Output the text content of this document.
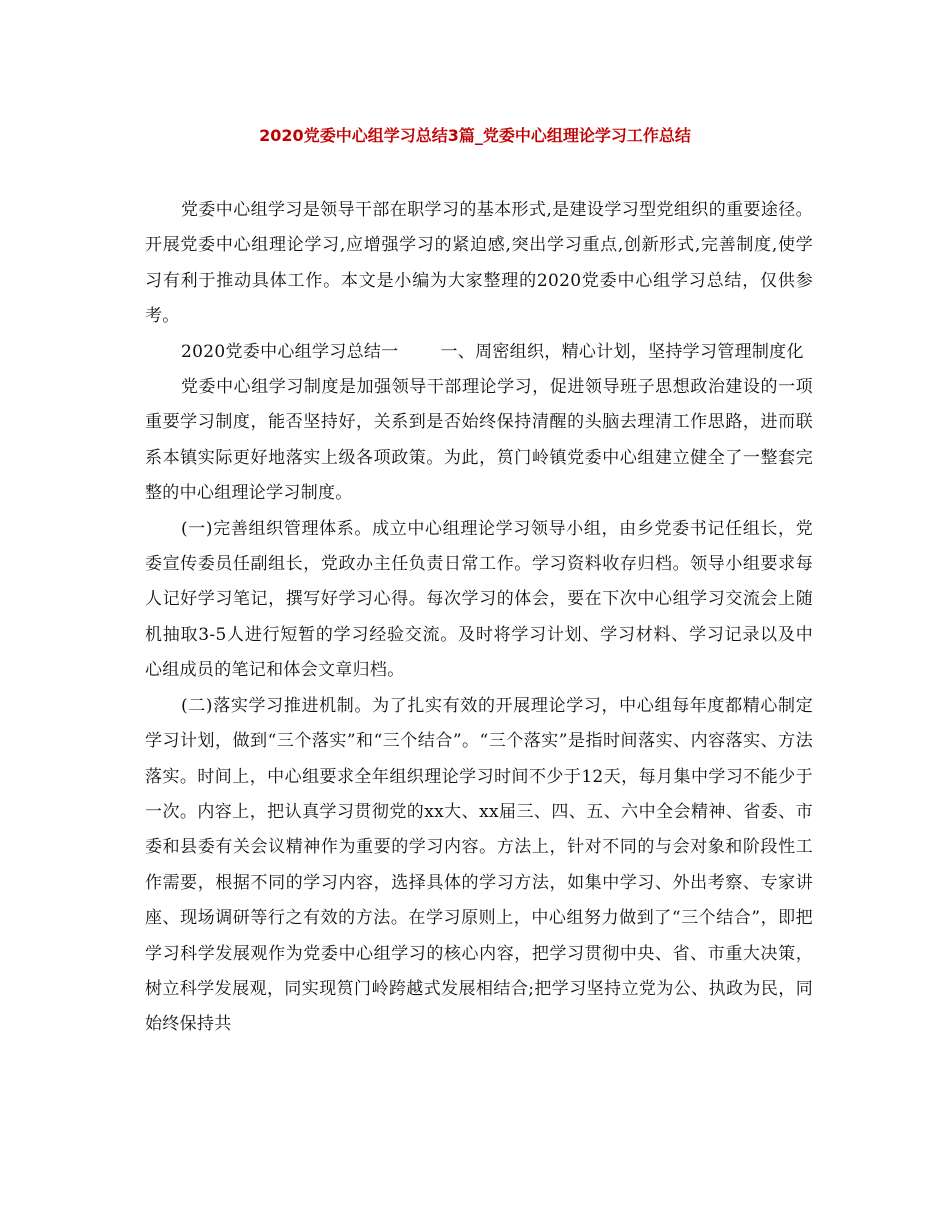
2020党委中心组学习总结3篇_党委中心组理论学习工作总结

党委中心组学习是领导干部在职学习的基本形式,是建设学习型党组织的重要途径。开展党委中心组理论学习,应增强学习的紧迫感,突出学习重点,创新形式,完善制度,使学习有利于推动具体工作。本文是小编为大家整理的2020党委中心组学习总结，仅供参考。

2020党委中心组学习总结一 一、周密组织，精心计划，坚持学习管理制度化

党委中心组学习制度是加强领导干部理论学习，促进领导班子思想政治建设的一项重要学习制度，能否坚持好，关系到是否始终保持清醒的头脑去理清工作思路，进而联系本镇实际更好地落实上级各项政策。为此，筼门岭镇党委中心组建立健全了一整套完整的中心组理论学习制度。

(一)完善组织管理体系。成立中心组理论学习领导小组，由乡党委书记任组长，党委宣传委员任副组长，党政办主任负责日常工作。学习资料收存归档。领导小组要求每人记好学习笔记，撰写好学习心得。每次学习的体会，要在下次中心组学习交流会上随机抽取3-5人进行短暂的学习经验交流。及时将学习计划、学习材料、学习记录以及中心组成员的笔记和体会文章归档。

(二)落实学习推进机制。为了扎实有效的开展理论学习，中心组每年度都精心制定学习计划，做到“三个落实”和“三个结合”。“三个落实”是指时间落实、内容落实、方法落实。时间上，中心组要求全年组织理论学习时间不少于12天，每月集中学习不能少于一次。内容上，把认真学习贯彻党的xx大、xx届三、四、五、六中全会精神、省委、市委和县委有关会议精神作为重要的学习内容。方法上，针对不同的与会对象和阶段性工作需要，根据不同的学习内容，选择具体的学习方法，如集中学习、外出考察、专家讲座、现场调研等行之有效的方法。在学习原则上，中心组努力做到了“三个结合”，即把学习科学发展观作为党委中心组学习的核心内容，把学习贯彻中央、省、市重大决策，树立科学发展观，同实现筼门岭跨越式发展相结合;把学习坚持立党为公、执政为民，同始终保持共
